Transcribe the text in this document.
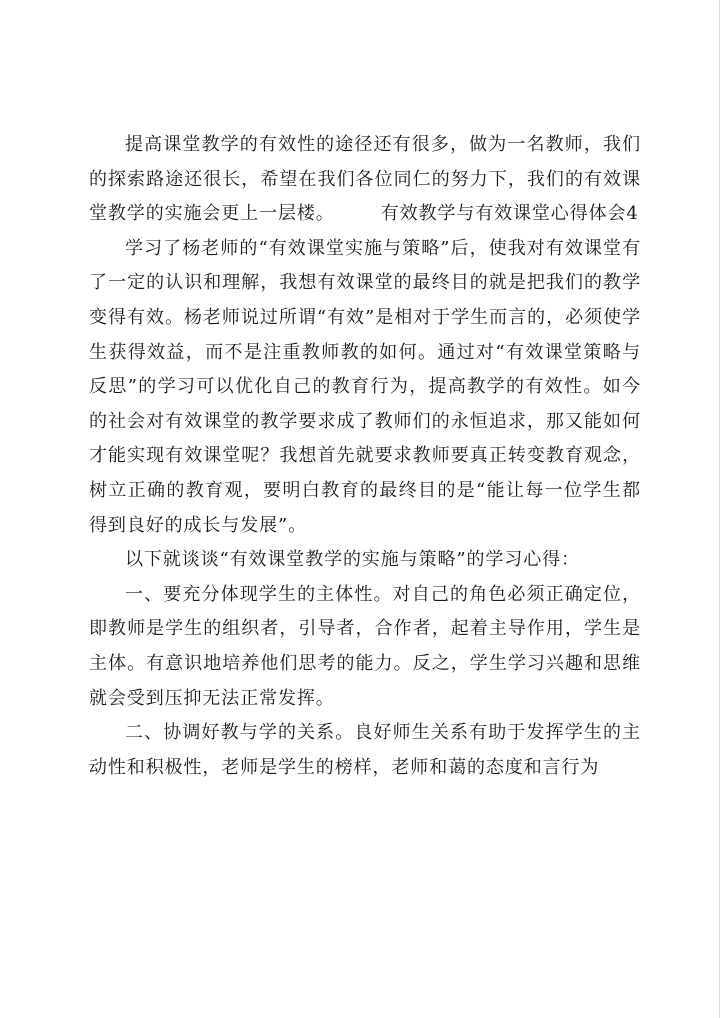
提高课堂教学的有效性的途径还有很多，做为一名教师，我们的探索路途还很长，希望在我们各位同仁的努力下，我们的有效课堂教学的实施会更上一层楼。	有效教学与有效课堂心得体会4

学习了杨老师的“有效课堂实施与策略”后，使我对有效课堂有了一定的认识和理解，我想有效课堂的最终目的就是把我们的教学变得有效。杨老师说过所谓“有效”是相对于学生而言的，必须使学生获得效益，而不是注重教师教的如何。通过对“有效课堂策略与反思”的学习可以优化自己的教育行为，提高教学的有效性。如今的社会对有效课堂的教学要求成了教师们的永恒追求，那又能如何才能实现有效课堂呢？我想首先就要求教师要真正转变教育观念，树立正确的教育观，要明白教育的最终目的是“能让每一位学生都得到良好的成长与发展”。

以下就谈谈“有效课堂教学的实施与策略”的学习心得：

一、要充分体现学生的主体性。对自己的角色必须正确定位，即教师是学生的组织者，引导者，合作者，起着主导作用，学生是主体。有意识地培养他们思考的能力。反之，学生学习兴趣和思维就会受到压抑无法正常发挥。

二、协调好教与学的关系。良好师生关系有助于发挥学生的主动性和积极性，老师是学生的榜样，老师和蔼的态度和言行为
